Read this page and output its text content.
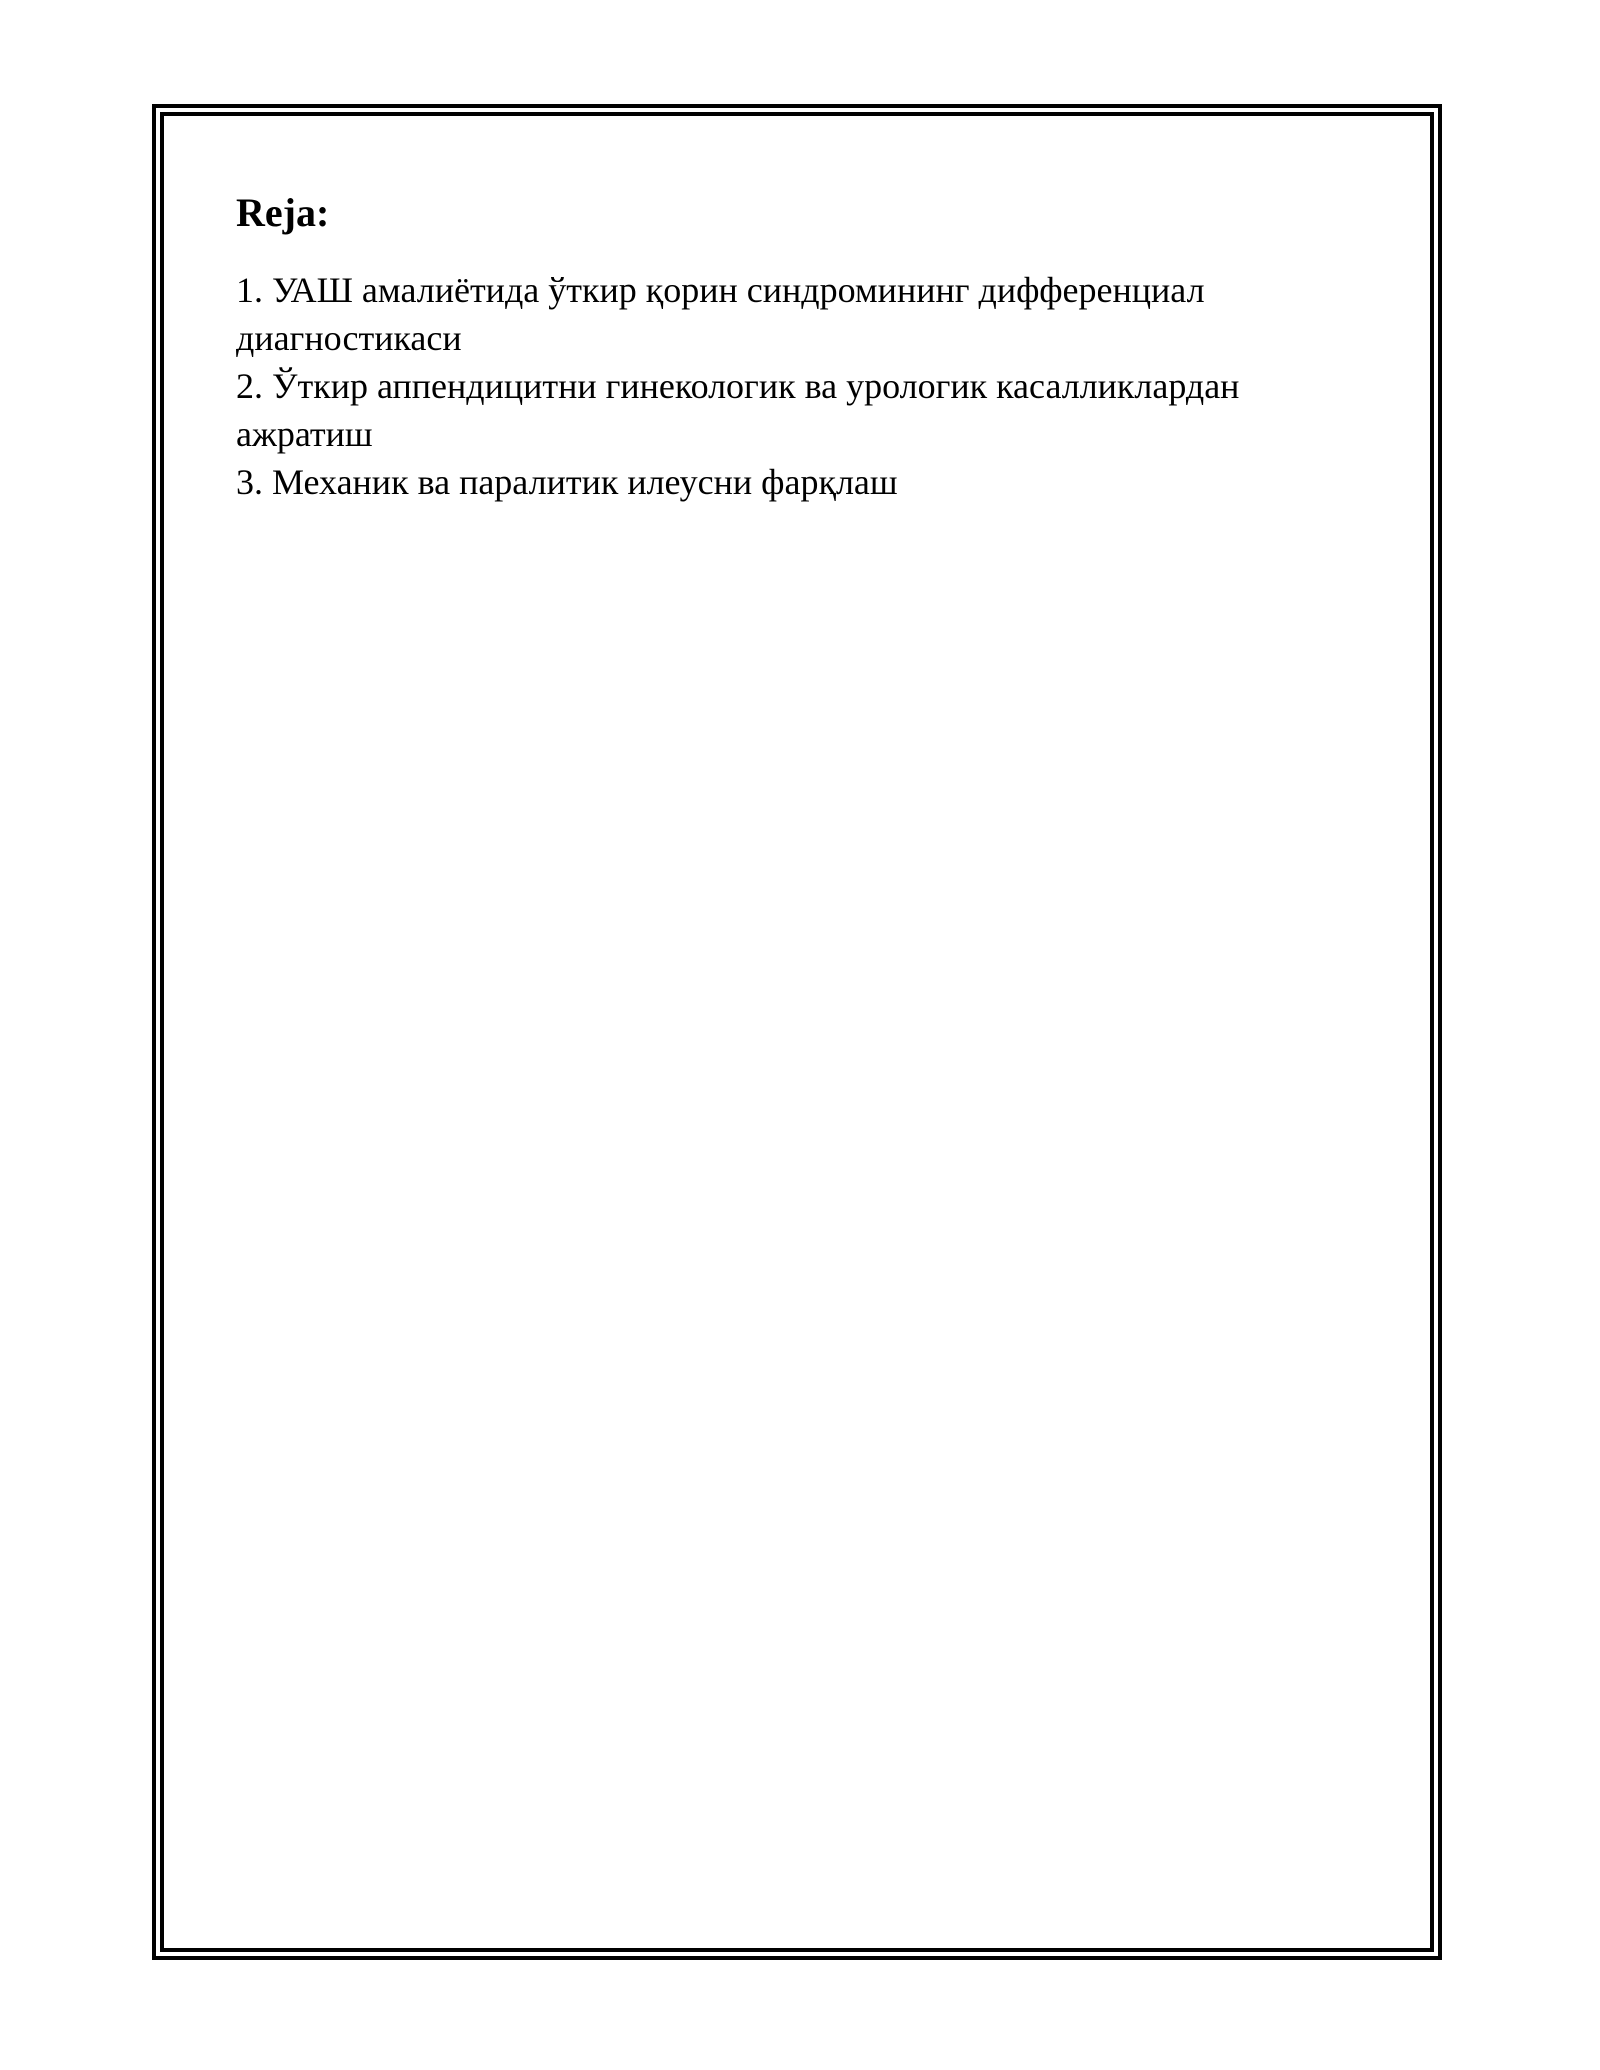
Reja:
1. УАШ амалиётида ўткир қорин синдромининг дифференциал диагностикаси
2. Ўткир аппендицитни гинекологик ва урологик касалликлардан ажратиш
3. Механик ва паралитик илеусни фарқлаш
